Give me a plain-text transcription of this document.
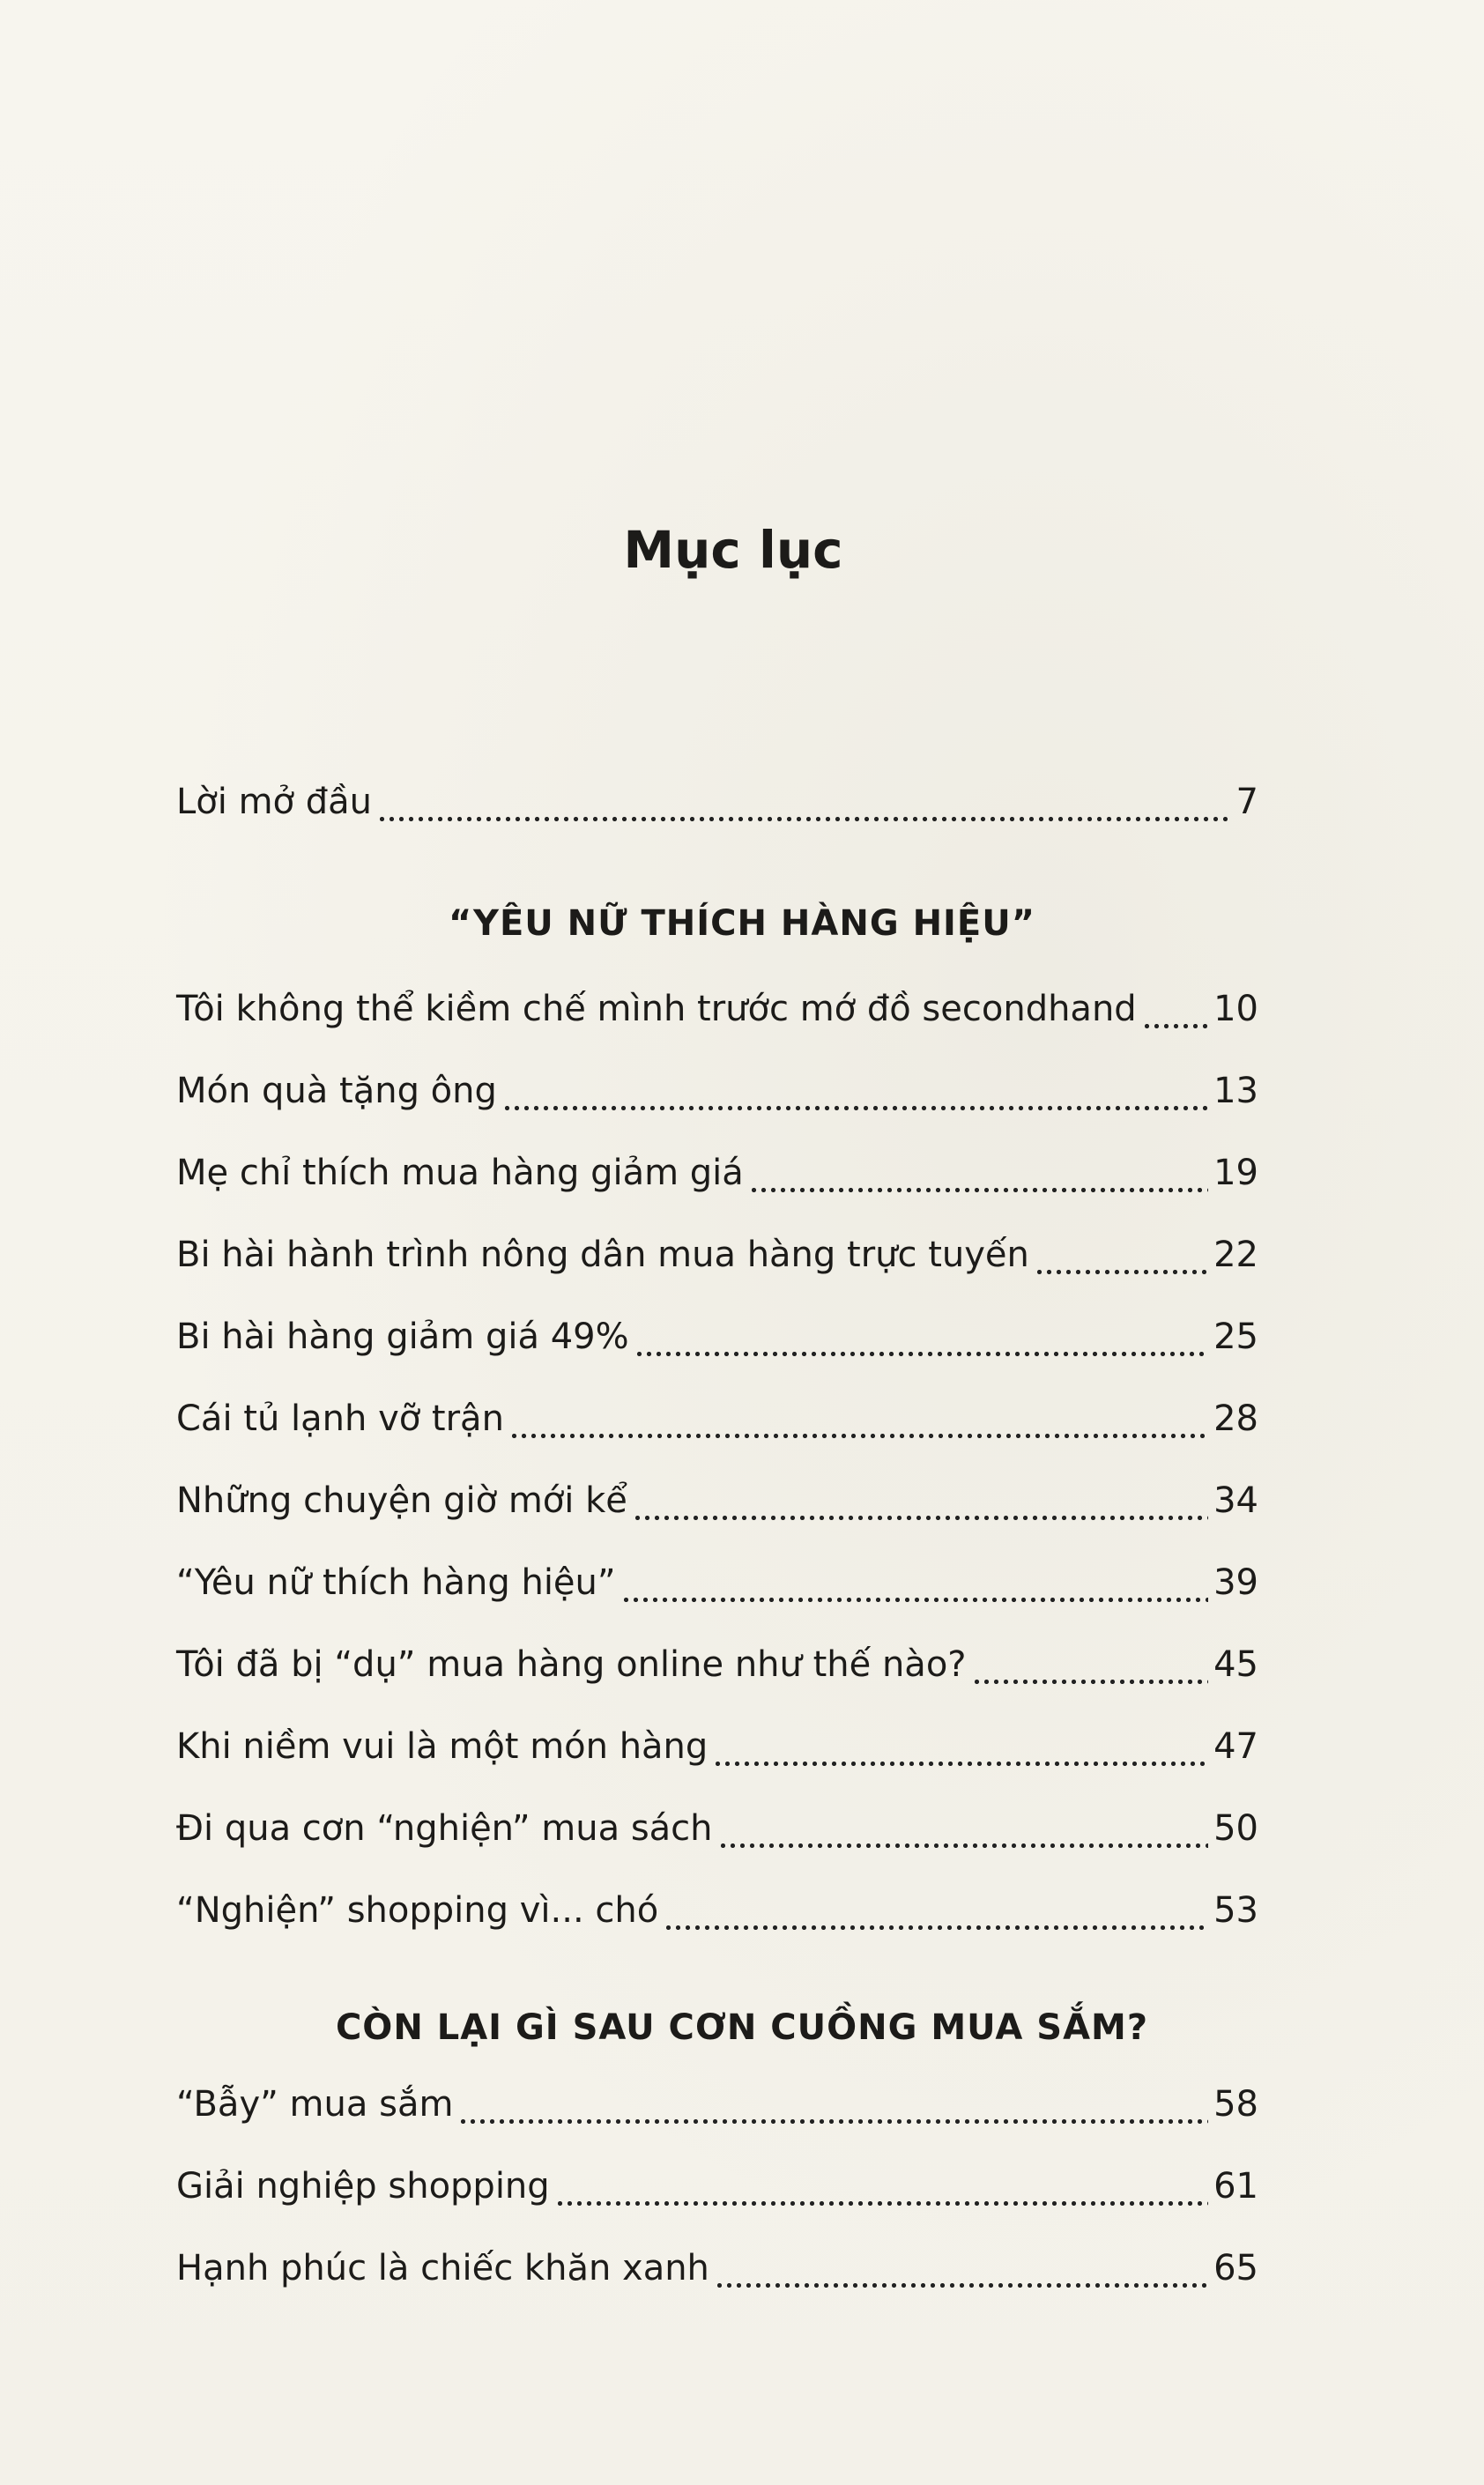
Mục lục
Lời mở đầu	7
“YÊU NỮ THÍCH HÀNG HIỆU”
Tôi không thể kiềm chế mình trước mớ đồ secondhand 10
Món quà tặng ông	13
Mẹ chỉ thích mua hàng giảm giá	19
Bi hài hành trình nông dân mua hàng trực tuyến	22
Bi hài hàng giảm giá 49%	25
Cái tủ lạnh vỡ trận	28
Những chuyện giờ mới kể	34
“Yêu nữ thích hàng hiệu”	39
Tôi đã bị “dụ” mua hàng online như thế nào?	45
Khi niềm vui là một món hàng	47
Đi qua cơn “nghiện” mua sách	50
“Nghiện” shopping vì... chó	53
CÒN LẠI GÌ SAU CƠN CUỒNG MUA SẮM?
“Bẫy” mua sắm	58
Giải nghiệp shopping	61
Hạnh phúc là chiếc khăn xanh	65
